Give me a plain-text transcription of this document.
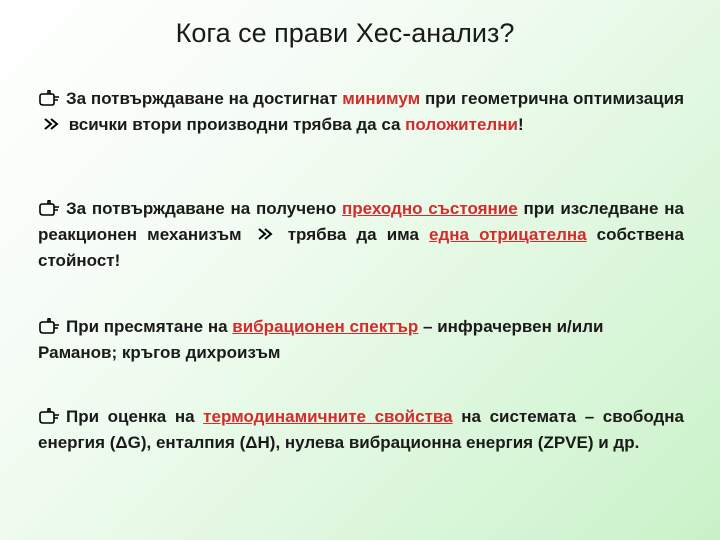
Кога се прави Хес-анализ?
За потвърждаване на достигнат минимум при геометрична оптимизация  всички втори производни трябва да са положителни!
За потвърждаване на получено преходно състояние при изследване на реакционен механизъм  трябва да има една отрицателна собствена стойност!
При пресмятане на вибрационен спектър – инфрачервен и/или Раманов; кръгов дихроизъм
При оценка на термодинамичните свойства на системата – свободна енергия (ΔG), енталпия (ΔH), нулева вибрационна енергия (ZPVE) и др.
